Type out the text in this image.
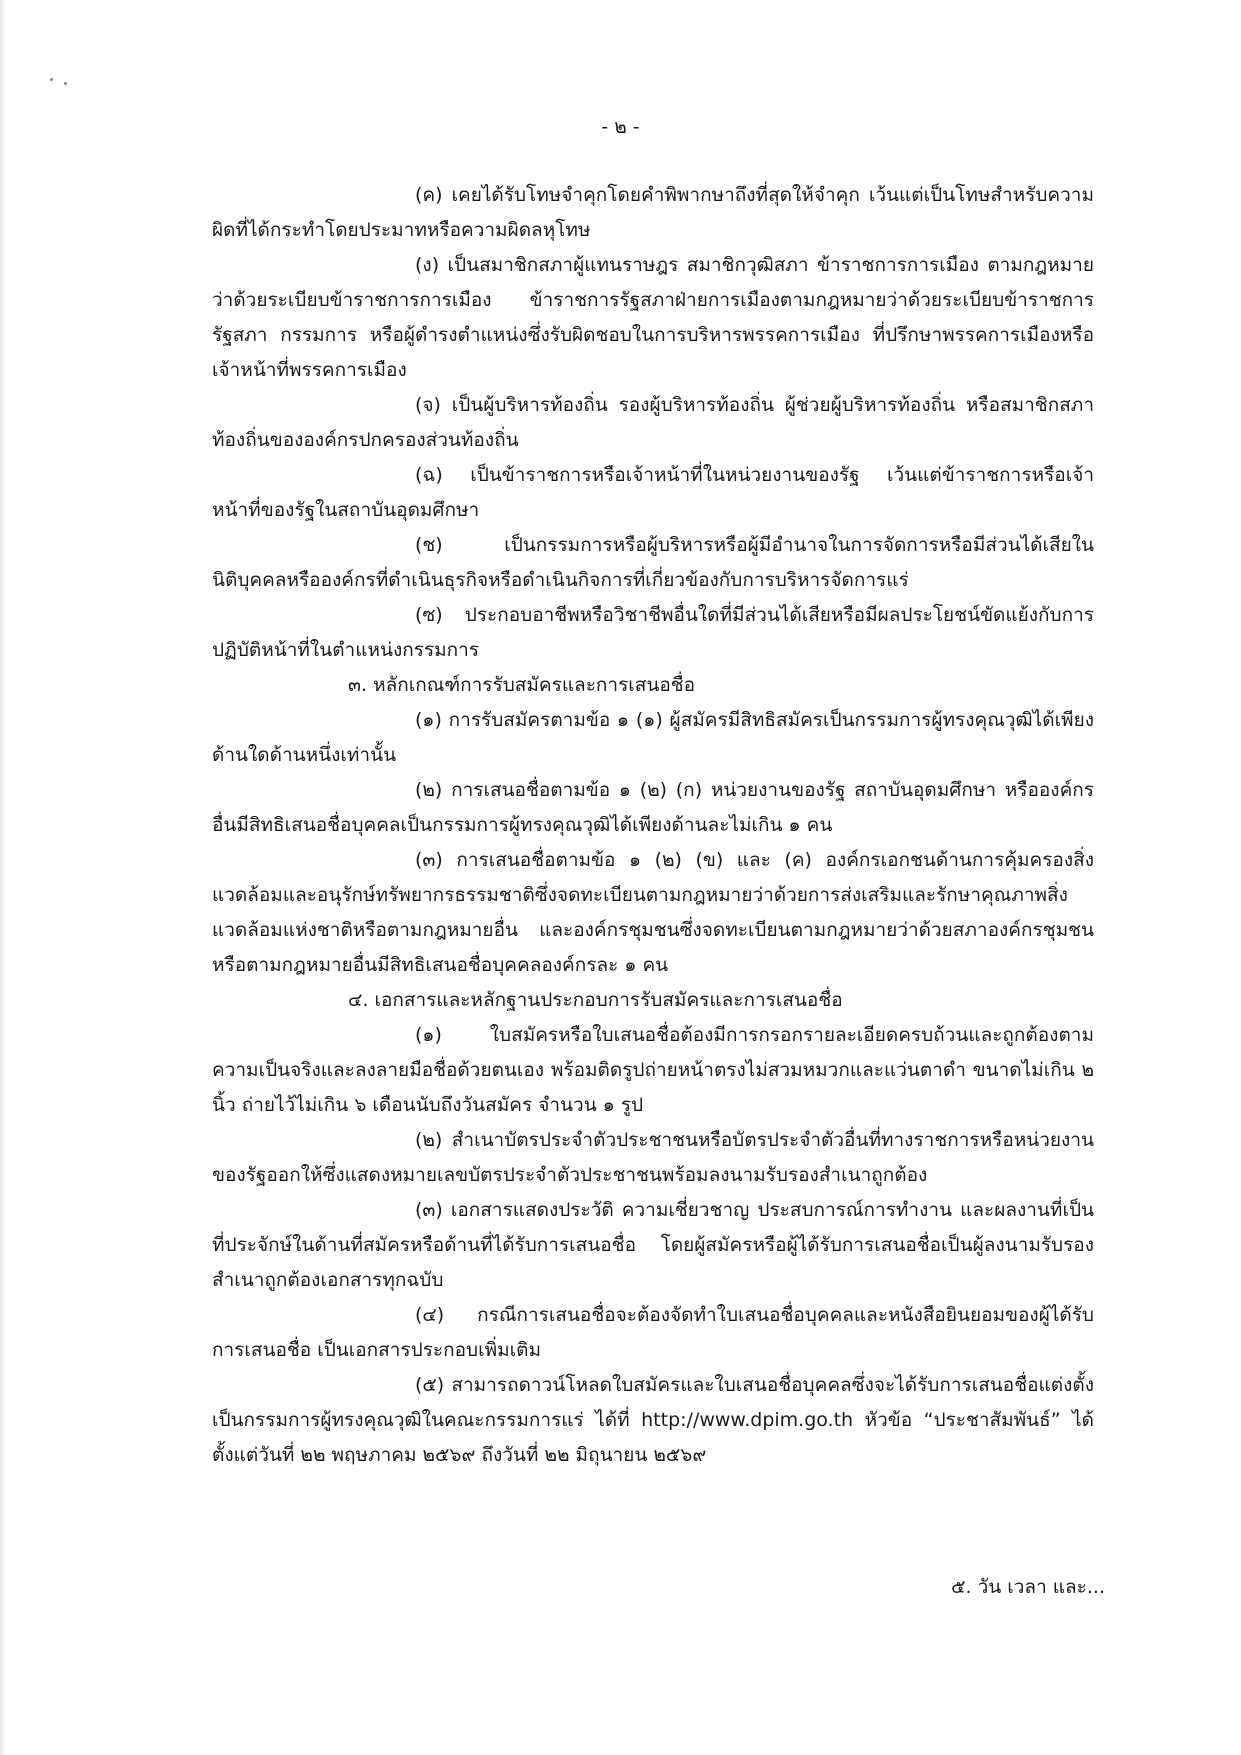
- ๒ -

(ค) เคยได้รับโทษจำคุกโดยคำพิพากษาถึงที่สุดให้จำคุก เว้นแต่เป็นโทษสำหรับความผิดที่ได้กระทำโดยประมาทหรือความผิดลหุโทษ

(ง) เป็นสมาชิกสภาผู้แทนราษฎร สมาชิกวุฒิสภา ข้าราชการการเมือง ตามกฎหมายว่าด้วยระเบียบข้าราชการการเมือง ข้าราชการรัฐสภาฝ่ายการเมืองตามกฎหมายว่าด้วยระเบียบข้าราชการรัฐสภา กรรมการ หรือผู้ดำรงตำแหน่งซึ่งรับผิดชอบในการบริหารพรรคการเมือง ที่ปรึกษาพรรคการเมืองหรือเจ้าหน้าที่พรรคการเมือง

(จ) เป็นผู้บริหารท้องถิ่น รองผู้บริหารท้องถิ่น ผู้ช่วยผู้บริหารท้องถิ่น หรือสมาชิกสภาท้องถิ่นขององค์กรปกครองส่วนท้องถิ่น

(ฉ) เป็นข้าราชการหรือเจ้าหน้าที่ในหน่วยงานของรัฐ เว้นแต่ข้าราชการหรือเจ้าหน้าที่ของรัฐในสถาบันอุดมศึกษา

(ช) เป็นกรรมการหรือผู้บริหารหรือผู้มีอำนาจในการจัดการหรือมีส่วนได้เสียในนิติบุคคลหรือองค์กรที่ดำเนินธุรกิจหรือดำเนินกิจการที่เกี่ยวข้องกับการบริหารจัดการแร่

(ซ) ประกอบอาชีพหรือวิชาชีพอื่นใดที่มีส่วนได้เสียหรือมีผลประโยชน์ขัดแย้งกับการปฏิบัติหน้าที่ในตำแหน่งกรรมการ

๓. หลักเกณฑ์การรับสมัครและการเสนอชื่อ

(๑) การรับสมัครตามข้อ ๑ (๑) ผู้สมัครมีสิทธิสมัครเป็นกรรมการผู้ทรงคุณวุฒิได้เพียงด้านใดด้านหนึ่งเท่านั้น

(๒) การเสนอชื่อตามข้อ ๑ (๒) (ก) หน่วยงานของรัฐ สถาบันอุดมศึกษา หรือองค์กรอื่นมีสิทธิเสนอชื่อบุคคลเป็นกรรมการผู้ทรงคุณวุฒิได้เพียงด้านละไม่เกิน ๑ คน

(๓) การเสนอชื่อตามข้อ ๑ (๒) (ข) และ (ค) องค์กรเอกชนด้านการคุ้มครองสิ่งแวดล้อมและอนุรักษ์ทรัพยากรธรรมชาติซึ่งจดทะเบียนตามกฎหมายว่าด้วยการส่งเสริมและรักษาคุณภาพสิ่งแวดล้อมแห่งชาติหรือตามกฎหมายอื่น และองค์กรชุมชนซึ่งจดทะเบียนตามกฎหมายว่าด้วยสภาองค์กรชุมชนหรือตามกฎหมายอื่นมีสิทธิเสนอชื่อบุคคลองค์กรละ ๑ คน

๔. เอกสารและหลักฐานประกอบการรับสมัครและการเสนอชื่อ

(๑) ใบสมัครหรือใบเสนอชื่อต้องมีการกรอกรายละเอียดครบถ้วนและถูกต้องตามความเป็นจริงและลงลายมือชื่อด้วยตนเอง พร้อมติดรูปถ่ายหน้าตรงไม่สวมหมวกและแว่นตาดำ ขนาดไม่เกิน ๒ นิ้ว ถ่ายไว้ไม่เกิน ๖ เดือนนับถึงวันสมัคร จำนวน ๑ รูป

(๒) สำเนาบัตรประจำตัวประชาชนหรือบัตรประจำตัวอื่นที่ทางราชการหรือหน่วยงานของรัฐออกให้ซึ่งแสดงหมายเลขบัตรประจำตัวประชาชนพร้อมลงนามรับรองสำเนาถูกต้อง

(๓) เอกสารแสดงประวัติ ความเชี่ยวชาญ ประสบการณ์การทำงาน และผลงานที่เป็นที่ประจักษ์ในด้านที่สมัครหรือด้านที่ได้รับการเสนอชื่อ โดยผู้สมัครหรือผู้ได้รับการเสนอชื่อเป็นผู้ลงนามรับรองสำเนาถูกต้องเอกสารทุกฉบับ

(๔) กรณีการเสนอชื่อจะต้องจัดทำใบเสนอชื่อบุคคลและหนังสือยินยอมของผู้ได้รับการเสนอชื่อ เป็นเอกสารประกอบเพิ่มเติม

(๕) สามารถดาวน์โหลดใบสมัครและใบเสนอชื่อบุคคลซึ่งจะได้รับการเสนอชื่อแต่งตั้งเป็นกรรมการผู้ทรงคุณวุฒิในคณะกรรมการแร่ ได้ที่ http://www.dpim.go.th หัวข้อ “ประชาสัมพันธ์” ได้ตั้งแต่วันที่ ๒๒ พฤษภาคม ๒๕๖๙ ถึงวันที่ ๒๒ มิถุนายน ๒๕๖๙

๕. วัน เวลา และ...
